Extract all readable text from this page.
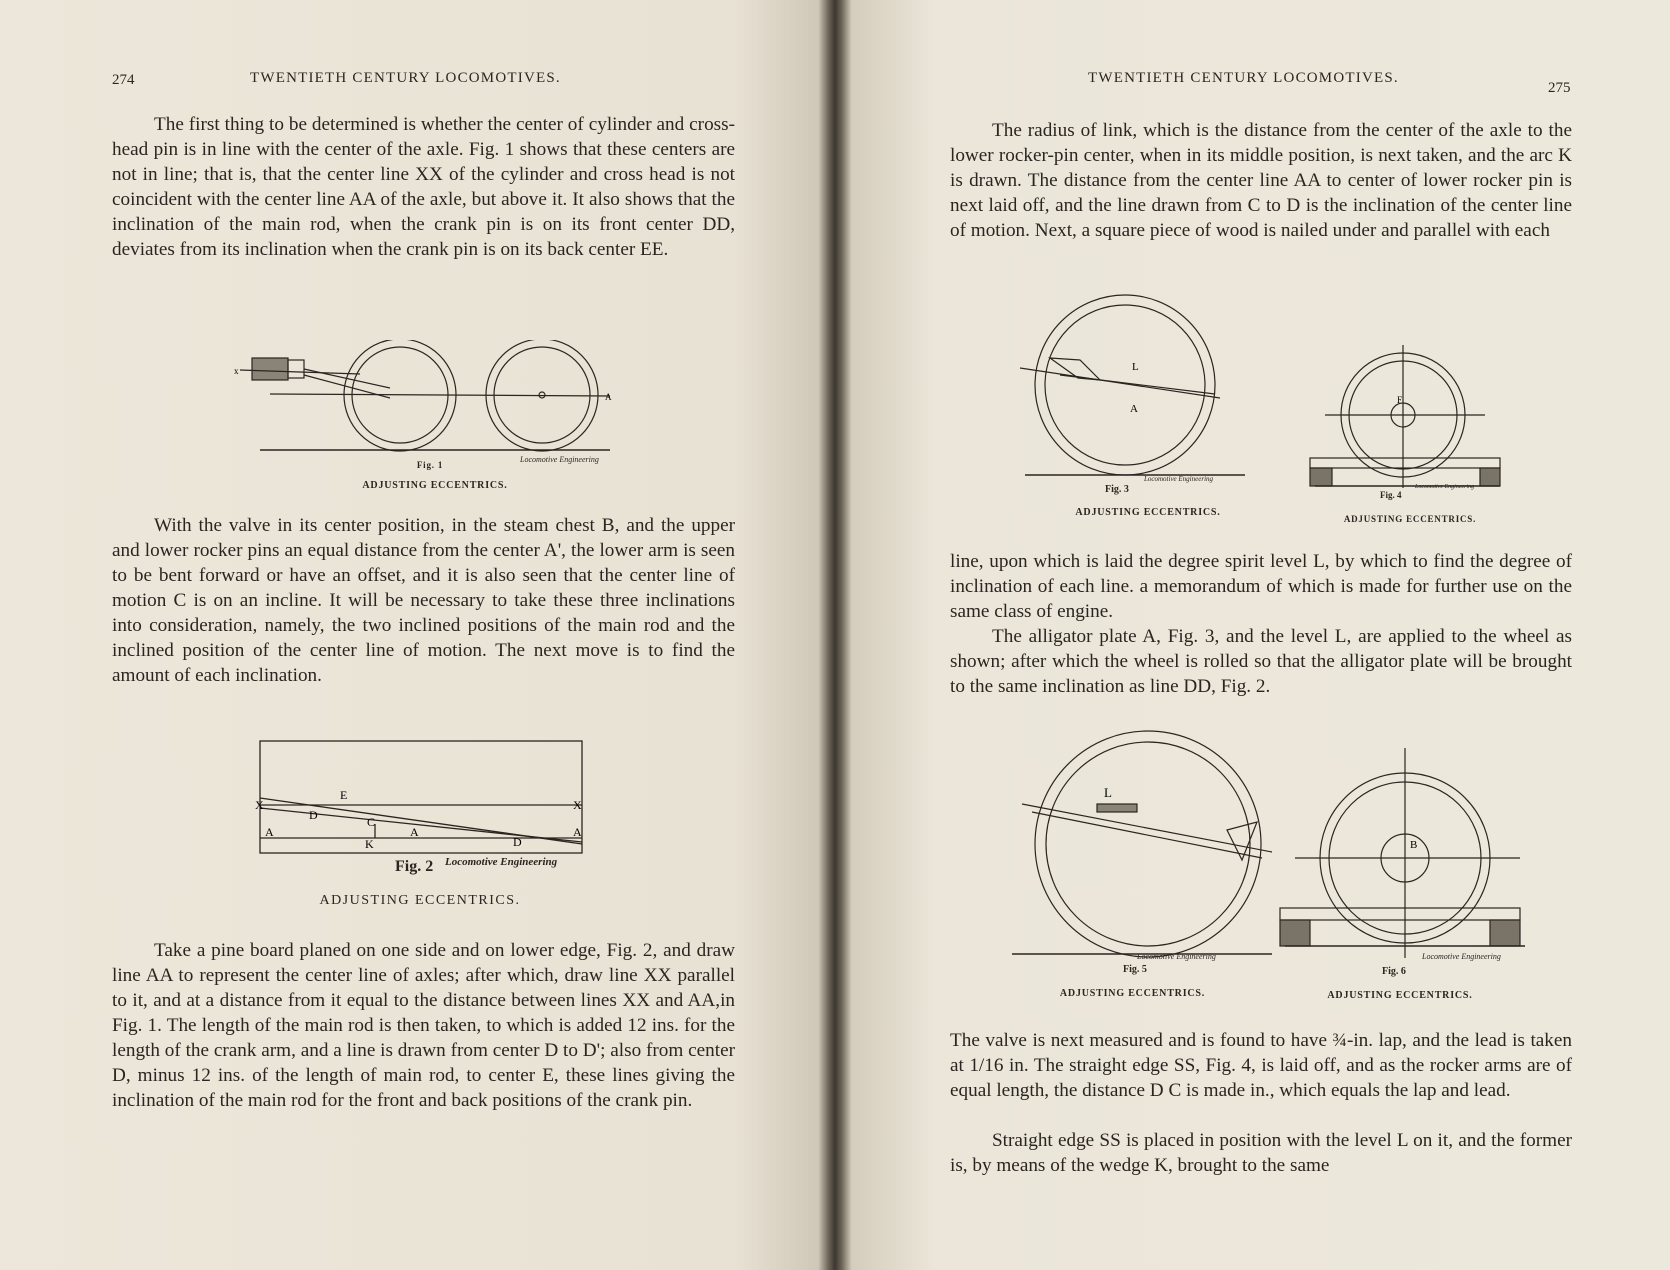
274	TWENTIETH CENTURY LOCOMOTIVES.

The first thing to be determined is whether the center of cylinder and cross-head pin is in line with the center of the axle. Fig. 1 shows that these centers are not in line; that is, that the center line XX of the cylinder and cross head is not coincident with the center line AA of the axle, but above it. It also shows that the inclination of the main rod, when the crank pin is on its front center DD, deviates from its inclination when the crank pin is on its back center EE.

x
A
Fig. 1
Locomotive Engineering
ADJUSTING ECCENTRICS.

With the valve in its center position, in the steam chest B, and the upper and lower rocker pins an equal distance from the center A', the lower arm is seen to be bent forward or have an offset, and it is also seen that the center line of motion C is on an incline. It will be necessary to take these three inclinations into consideration, namely, the two inclined positions of the main rod and the inclined position of the center line of motion. The next move is to find the amount of each inclination.

X	X
E
D	C
K
A
D
A	A
Fig. 2 Locomotive Engineering
ADJUSTING ECCENTRICS.

Take a pine board planed on one side and on lower edge, Fig. 2, and draw line AA to represent the center line of axles; after which, draw line XX parallel to it, and at a distance from it equal to the distance between lines XX and AA,in Fig. 1. The length of the main rod is then taken, to which is added 12 ins. for the length of the crank arm, and a line is drawn from center D to D'; also from center D, minus 12 ins. of the length of main rod, to center E, these lines giving the inclination of the main rod for the front and back positions of the crank pin.

TWENTIETH CENTURY LOCOMOTIVES.
275

The radius of link, which is the distance from the center of the axle to the lower rocker-pin center, when in its middle position, is next taken, and the arc K is drawn. The distance from the center line AA to center of lower rocker pin is next laid off, and the line drawn from C to D is the inclination of the center line of motion. Next, a square piece of wood is nailed under and parallel with each

L
A
Fig. 3
Locomotive Engineering
ADJUSTING ECCENTRICS.
F
Fig. 4
Locomotive Engineering
ADJUSTING ECCENTRICS.

line, upon which is laid the degree spirit level L, by which to find the degree of inclination of each line. a memorandum of which is made for further use on the same class of engine.

The alligator plate A, Fig. 3, and the level L, are applied to the wheel as shown; after which the wheel is rolled so that the alligator plate will be brought to the same inclination as line DD, Fig. 2.

L
Fig. 5
Locomotive Engineering
ADJUSTING ECCENTRICS.
B
Fig. 6
Locomotive Engineering
ADJUSTING ECCENTRICS.

The valve is next measured and is found to have ¾-in. lap, and the lead is taken at 1/16 in. The straight edge SS, Fig. 4, is laid off, and as the rocker arms are of equal length, the distance D C is made in., which equals the lap and lead.

Straight edge SS is placed in position with the level L on it, and the former is, by means of the wedge K, brought to the same
